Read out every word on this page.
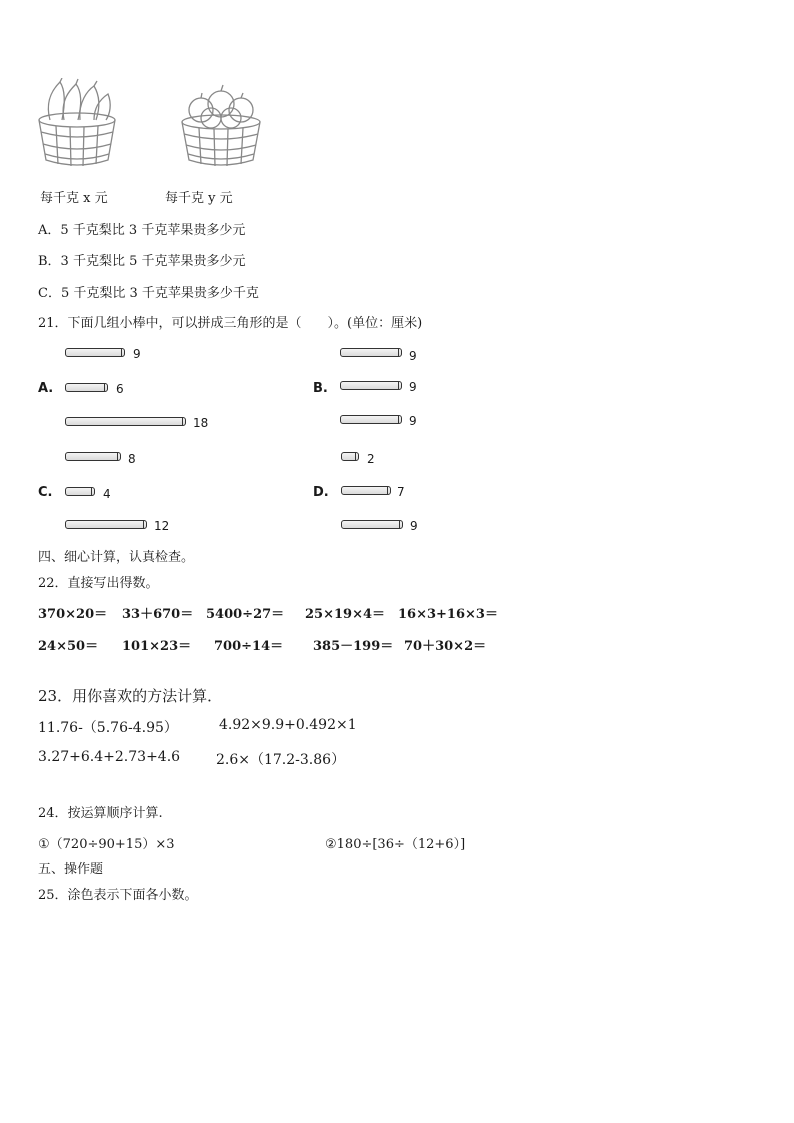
每千克 x 元	每千克 y 元
A．5 千克梨比 3 千克苹果贵多少元
B．3 千克梨比 5 千克苹果贵多少元
C．5 千克梨比 3 千克苹果贵多少千克
21．下面几组小棒中，可以拼成三角形的是（　　）。(单位：厘米)
9
A.	6
18
9
B.	9
9
8
C.	4
12
2
D.	7
9
四、细心计算，认真检查。
22．直接写出得数。
370×20＝ 33＋670＝ 5400÷27＝ 25×19×4＝ 16×3+16×3＝
24×50＝ 101×23＝ 700÷14＝ 385－199＝ 70＋30×2＝
23．用你喜欢的方法计算．
11.76-（5.76-4.95）	4.92×9.9+0.492×1
3.27+6.4+2.73+4.6	2.6×（17.2-3.86）
24．按运算顺序计算.
①（720÷90+15）×3	②180÷[36÷（12+6）]
五、操作题
25．涂色表示下面各小数。
